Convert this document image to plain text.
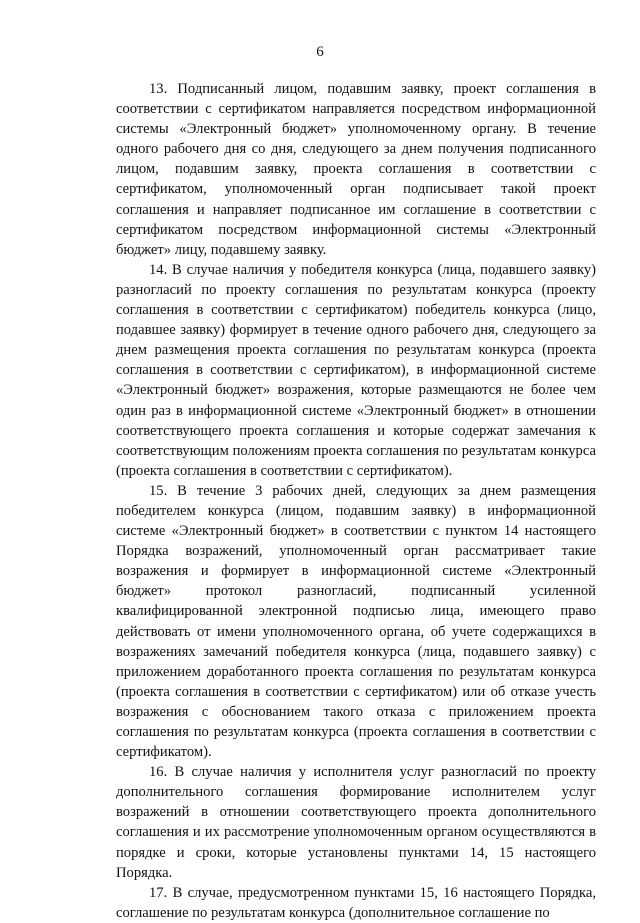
6

13. Подписанный лицом, подавшим заявку, проект соглашения в соответствии с сертификатом направляется посредством информационной системы «Электронный бюджет» уполномоченному органу. В течение одного рабочего дня со дня, следующего за днем получения подписанного лицом, подавшим заявку, проекта соглашения в соответствии с сертификатом, уполномоченный орган подписывает такой проект соглашения и направляет подписанное им соглашение в соответствии с сертификатом посредством информационной системы «Электронный бюджет» лицу, подавшему заявку.

14. В случае наличия у победителя конкурса (лица, подавшего заявку) разногласий по проекту соглашения по результатам конкурса (проекту соглашения в соответствии с сертификатом) победитель конкурса (лицо, подавшее заявку) формирует в течение одного рабочего дня, следующего за днем размещения проекта соглашения по результатам конкурса (проекта соглашения в соответствии с сертификатом), в информационной системе «Электронный бюджет» возражения, которые размещаются не более чем один раз в информационной системе «Электронный бюджет» в отношении соответствующего проекта соглашения и которые содержат замечания к соответствующим положениям проекта соглашения по результатам конкурса (проекта соглашения в соответствии с сертификатом).

15. В течение 3 рабочих дней, следующих за днем размещения победителем конкурса (лицом, подавшим заявку) в информационной системе «Электронный бюджет» в соответствии с пунктом 14 настоящего Порядка возражений, уполномоченный орган рассматривает такие возражения и формирует в информационной системе «Электронный бюджет» протокол разногласий, подписанный усиленной квалифицированной электронной подписью лица, имеющего право действовать от имени уполномоченного органа, об учете содержащихся в возражениях замечаний победителя конкурса (лица, подавшего заявку) с приложением доработанного проекта соглашения по результатам конкурса (проекта соглашения в соответствии с сертификатом) или об отказе учесть возражения с обоснованием такого отказа с приложением проекта соглашения по результатам конкурса (проекта соглашения в соответствии с сертификатом).

16. В случае наличия у исполнителя услуг разногласий по проекту дополнительного соглашения формирование исполнителем услуг возражений в отношении соответствующего проекта дополнительного соглашения и их рассмотрение уполномоченным органом осуществляются в порядке и сроки, которые установлены пунктами 14, 15 настоящего Порядка.

17. В случае, предусмотренном пунктами 15, 16 настоящего Порядка, соглашение по результатам конкурса (дополнительное соглашение по
